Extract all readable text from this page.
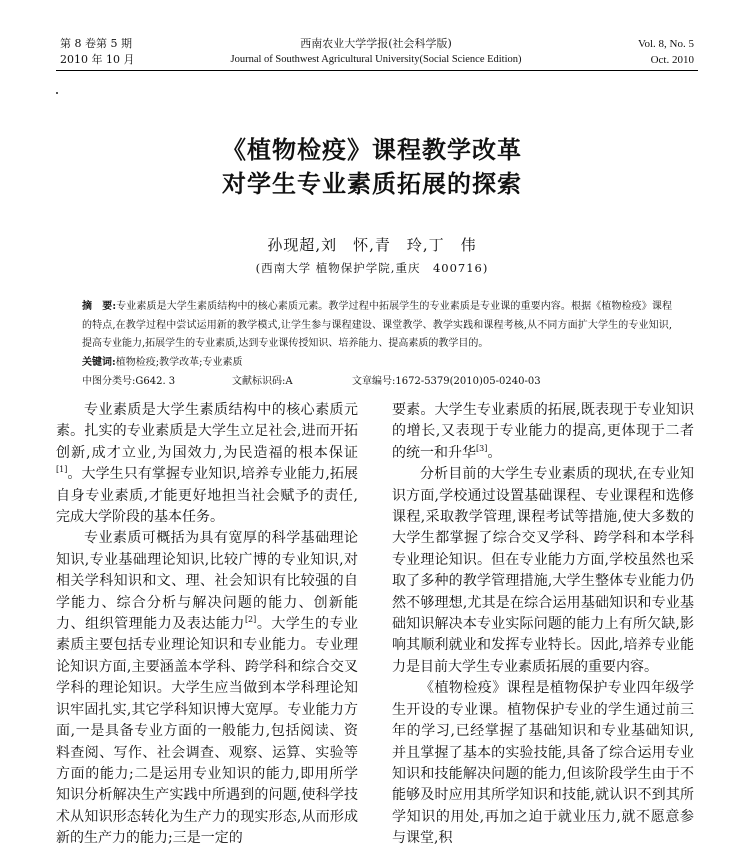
第 8 卷第 5 期
2010 年 10 月
西南农业大学学报(社会科学版)
Journal of Southwest Agricultural University(Social Science Edition)
Vol. 8, No. 5
Oct. 2010
《植物检疫》课程教学改革
对学生专业素质拓展的探索
孙现超,刘　怀,青　玲,丁　伟
(西南大学 植物保护学院,重庆　400716)
摘　要:专业素质是大学生素质结构中的核心素质元素。教学过程中拓展学生的专业素质是专业课的重要内容。根据《植物检疫》课程的特点,在教学过程中尝试运用新的教学模式,让学生参与课程建设、课堂教学、教学实践和课程考核,从不同方面扩大学生的专业知识,提高专业能力,拓展学生的专业素质,达到专业课传授知识、培养能力、提高素质的教学目的。
关键词:植物检疫;教学改革;专业素质
中图分类号:G642. 3	文献标识码:A	文章编号:1672-5379(2010)05-0240-03

专业素质是大学生素质结构中的核心素质元素。扎实的专业素质是大学生立足社会,进而开拓创新,成才立业,为国效力,为民造福的根本保证[1]。大学生只有掌握专业知识,培养专业能力,拓展自身专业素质,才能更好地担当社会赋予的责任,完成大学阶段的基本任务。

专业素质可概括为具有宽厚的科学基础理论知识,专业基础理论知识,比较广博的专业知识,对相关学科知识和文、理、社会知识有比较强的自学能力、综合分析与解决问题的能力、创新能力、组织管理能力及表达能力[2]。大学生的专业素质主要包括专业理论知识和专业能力。专业理论知识方面,主要涵盖本学科、跨学科和综合交叉学科的理论知识。大学生应当做到本学科理论知识牢固扎实,其它学科知识博大宽厚。专业能力方面,一是具备专业方面的一般能力,包括阅读、资料查阅、写作、社会调查、观察、运算、实验等方面的能力;二是运用专业知识的能力,即用所学知识分析解决生产实践中所遇到的问题,使科学技术从知识形态转化为生产力的现实形态,从而形成新的生产力的能力;三是一定的

要素。大学生专业素质的拓展,既表现于专业知识的增长,又表现于专业能力的提高,更体现于二者的统一和升华[3]。

分析目前的大学生专业素质的现状,在专业知识方面,学校通过设置基础课程、专业课程和选修课程,采取教学管理,课程考试等措施,使大多数的大学生都掌握了综合交叉学科、跨学科和本学科专业理论知识。但在专业能力方面,学校虽然也采取了多种的教学管理措施,大学生整体专业能力仍然不够理想,尤其是在综合运用基础知识和专业基础知识解决本专业实际问题的能力上有所欠缺,影响其顺利就业和发挥专业特长。因此,培养专业能力是目前大学生专业素质拓展的重要内容。

《植物检疫》课程是植物保护专业四年级学生开设的专业课。植物保护专业的学生通过前三年的学习,已经掌握了基础知识和专业基础知识,并且掌握了基本的实验技能,具备了综合运用专业知识和技能解决问题的能力,但该阶段学生由于不能够及时应用其所学知识和技能,就认识不到其所学知识的用处,再加之迫于就业压力,就不愿意参与课堂,积
